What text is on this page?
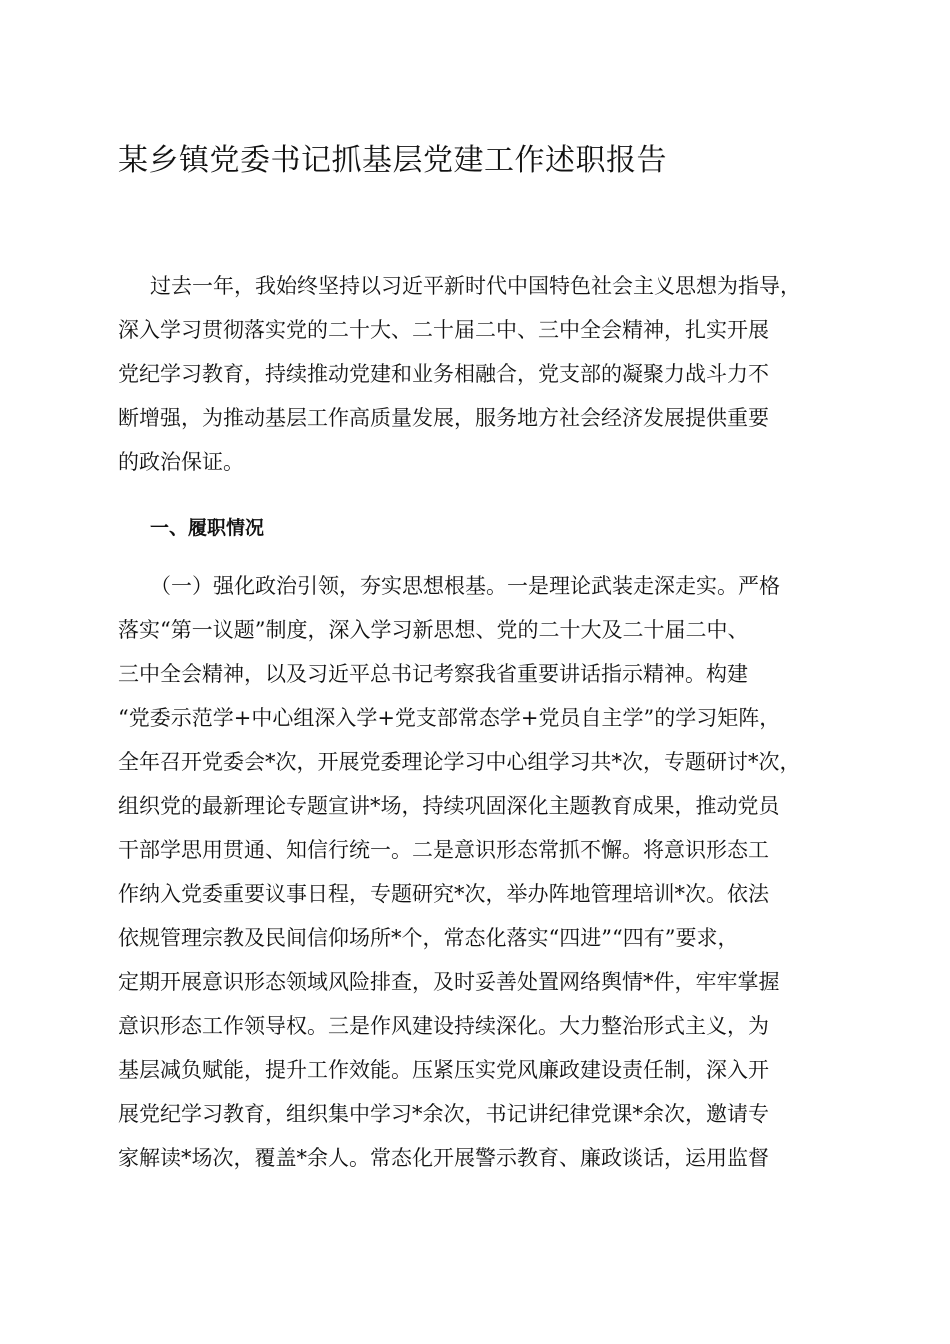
某乡镇党委书记抓基层党建工作述职报告
过去一年，我始终坚持以习近平新时代中国特色社会主义思想为指导，
深入学习贯彻落实党的二十大、二十届二中、三中全会精神，扎实开展
党纪学习教育，持续推动党建和业务相融合，党支部的凝聚力战斗力不
断增强，为推动基层工作高质量发展，服务地方社会经济发展提供重要
的政治保证。
一、履职情况
（一）强化政治引领，夯实思想根基。一是理论武装走深走实。严格
落实“第一议题”制度，深入学习新思想、党的二十大及二十届二中、
三中全会精神，以及习近平总书记考察我省重要讲话指示精神。构建
“党委示范学+中心组深入学+党支部常态学+党员自主学”的学习矩阵，
全年召开党委会*次，开展党委理论学习中心组学习共*次，专题研讨*次，
组织党的最新理论专题宣讲*场，持续巩固深化主题教育成果，推动党员
干部学思用贯通、知信行统一。二是意识形态常抓不懈。将意识形态工
作纳入党委重要议事日程，专题研究*次，举办阵地管理培训*次。依法
依规管理宗教及民间信仰场所*个，常态化落实“四进”“四有”要求，
定期开展意识形态领域风险排查，及时妥善处置网络舆情*件，牢牢掌握
意识形态工作领导权。三是作风建设持续深化。大力整治形式主义，为
基层减负赋能，提升工作效能。压紧压实党风廉政建设责任制，深入开
展党纪学习教育，组织集中学习*余次，书记讲纪律党课*余次，邀请专
家解读*场次，覆盖*余人。常态化开展警示教育、廉政谈话，运用监督
